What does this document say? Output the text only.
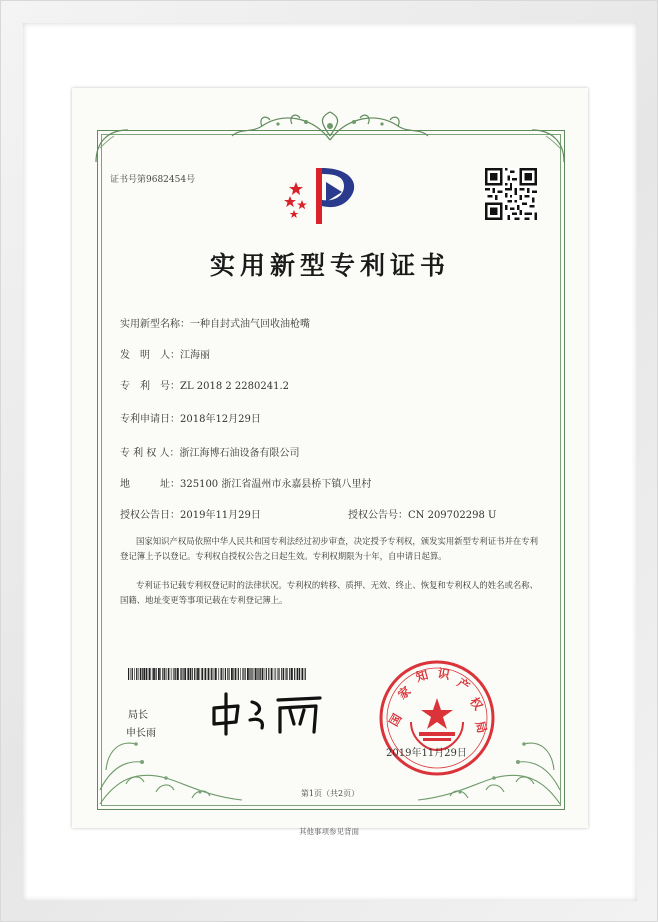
证书号第9682454号
实用新型专利证书
实用新型名称：一种自封式油气回收油枪嘴
发　明　人：江海丽
专　利　号：ZL 2018 2 2280241.2
专利申请日：2018年12月29日
专 利 权 人：浙江海博石油设备有限公司
地　　　址：325100 浙江省温州市永嘉县桥下镇八里村
授权公告日：2019年11月29日	授权公告号：CN 209702298 U
国家知识产权局依照中华人民共和国专利法经过初步审查，决定授予专利权，颁发实用新型专利证书并在专利登记簿上予以登记。专利权自授权公告之日起生效。专利权期限为十年，自申请日起算。
专利证书记载专利权登记时的法律状况。专利权的转移、质押、无效、终止、恢复和专利权人的姓名或名称、国籍、地址变更等事项记载在专利登记簿上。
局长
申长雨
国
家
知 识
产
权
局
2019年11月29日
第1页（共2页）
其他事项参见背面
